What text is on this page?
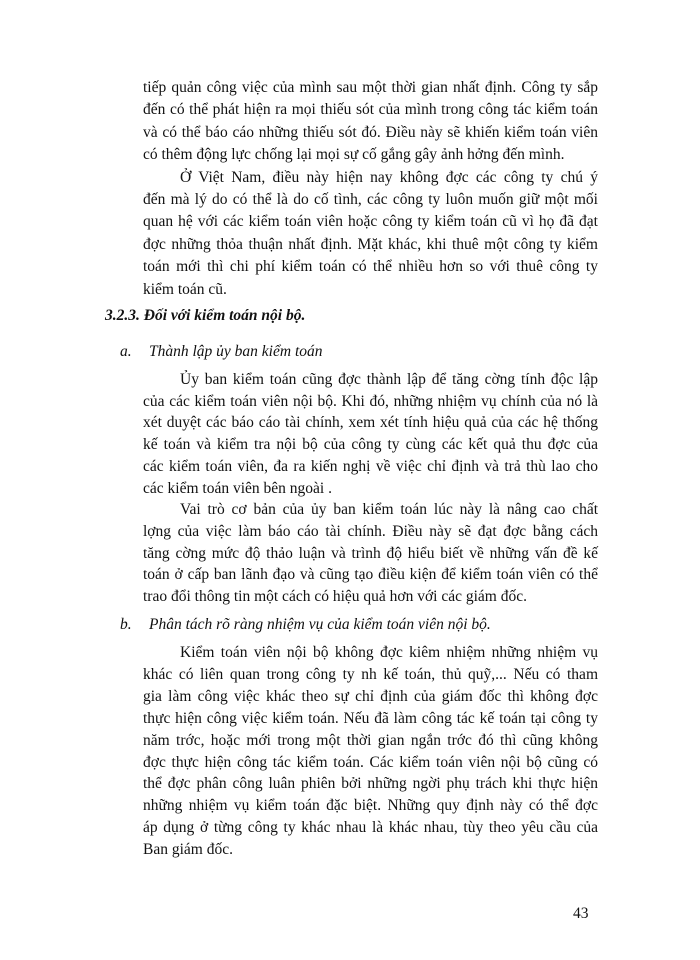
tiếp quản công việc của mình sau một thời gian nhất định. Công ty sắp
đến có thể phát hiện ra mọi thiếu sót của mình trong công tác kiểm toán
và có thể báo cáo những thiếu sót đó. Điều này sẽ khiến kiểm toán viên
có thêm động lực chống lại mọi sự cố gắng gây ảnh hởng đến mình.
Ở Việt Nam, điều này hiện nay không đợc các công ty chú ý
đến mà lý do có thể là do cố tình, các công ty luôn muốn giữ một mối
quan hệ với các kiểm toán viên hoặc công ty kiểm toán cũ vì họ đã đạt
đợc những thỏa thuận nhất định. Mặt khác, khi thuê một công ty kiểm
toán mới thì chi phí kiểm toán có thể nhiều hơn so với thuê công ty
kiểm toán cũ.
3.2.3. Đối với kiểm toán nội bộ.
a. Thành lập ủy ban kiểm toán
Ủy ban kiểm toán cũng đợc thành lập để tăng cờng tính độc lập
của các kiểm toán viên nội bộ. Khi đó, những nhiệm vụ chính của nó là
xét duyệt các báo cáo tài chính, xem xét tính hiệu quả của các hệ thống
kế toán và kiểm tra nội bộ của công ty cùng các kết quả thu đợc của
các kiểm toán viên, đa ra kiến nghị về việc chỉ định và trả thù lao cho
các kiểm toán viên bên ngoài .
Vai trò cơ bản của ủy ban kiểm toán lúc này là nâng cao chất
lợng của việc làm báo cáo tài chính. Điều này sẽ đạt đợc bằng cách
tăng cờng mức độ thảo luận và trình độ hiểu biết về những vấn đề kế
toán ở cấp ban lãnh đạo và cũng tạo điều kiện để kiểm toán viên có thể
trao đổi thông tin một cách có hiệu quả hơn với các giám đốc.
b. Phân tách rõ ràng nhiệm vụ của kiểm toán viên nội bộ.
Kiểm toán viên nội bộ không đợc kiêm nhiệm những nhiệm vụ
khác có liên quan trong công ty nh kế toán, thủ quỹ,... Nếu có tham
gia làm công việc khác theo sự chỉ định của giám đốc thì không đợc
thực hiện công việc kiểm toán. Nếu đã làm công tác kế toán tại công ty
năm trớc, hoặc mới trong một thời gian ngắn trớc đó thì cũng không
đợc thực hiện công tác kiểm toán. Các kiểm toán viên nội bộ cũng có
thể đợc phân công luân phiên bởi những ngời phụ trách khi thực hiện
những nhiệm vụ kiểm toán đặc biệt. Những quy định này có thể đợc
áp dụng ở từng công ty khác nhau là khác nhau, tùy theo yêu cầu của
Ban giám đốc.
43
